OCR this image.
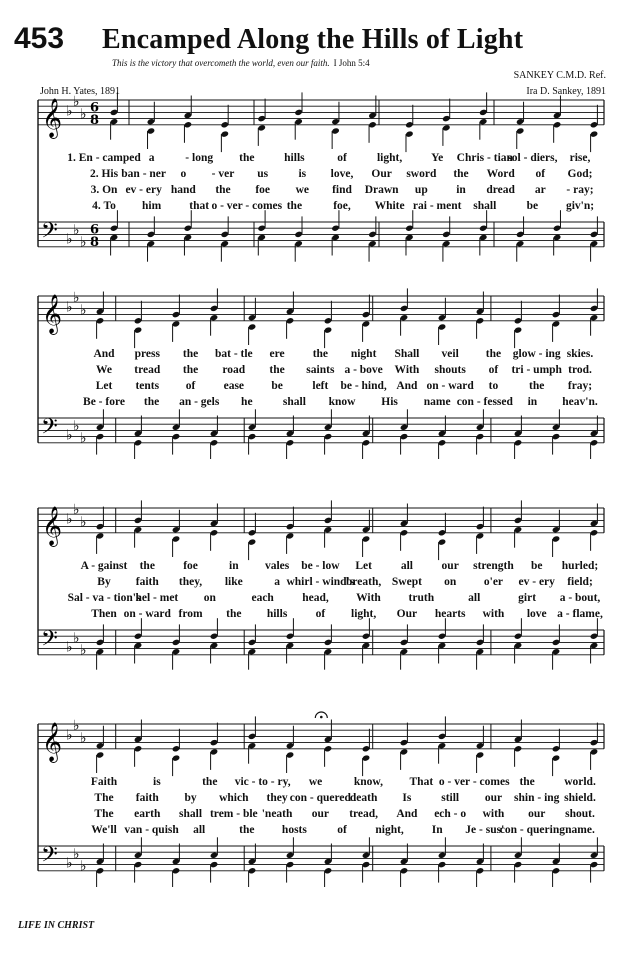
453 Encamped Along the Hills of Light
This is the victory that overcometh the world, even our faith. I John 5:4
SANKEY C.M.D. Ref.
John H. Yates, 1891	Ira D. Sankey, 1891
𝄞
𝄢
♭
♭
♭
♭
♭
♭
6
8
6
8
1. En - camped a	- long the	hills	of	light,	Ye Chris - tian
sol - diers, rise,
2. His ban - ner o - ver us	is love, Our sword the Word of God;
3. On ev - ery hand the foe we find Drawn up in dread ar - ray;
4. To him that o - ver - comes the	foe, White rai - ment shall	be giv'n;
𝄞
𝄢
♭
♭
♭
♭
♭
♭
And press the bat - tle ere the night Shall veil the glow - ing skies.
We tread the road the saints a - bove With shouts of tri - umph trod.
Let tents of ease be	left be - hind, And on - ward to	the fray;
Be - fore the an - gels he	shall know His name con - fessed in heav'n.
𝄞
𝄢
♭
♭
♭
♭
♭
♭
A - gainst the foe	in vales be - low Let	all our strength be hurled;
By faith they, like	a whirl - wind's
breath, Swept on o'er ev - ery field;
Sal - va - tion's
hel - met on	each head, With truth	all	girt a - bout,
Then on - ward from the hills of light, Our hearts with love a - flame,
𝄞
𝄢
♭
♭
♭
♭
♭
♭
Faith	is	the vic - to - ry, we	know, That o - ver - comes the	world.
The faith by which they con - quered
death Is	still our shin - ing shield.
The earth shall trem - ble 'neath our tread, And ech - o with our shout.
We'll van - quish all	the hosts	of night, In Je - sus'
con - quering name.
LIFE IN CHRIST
